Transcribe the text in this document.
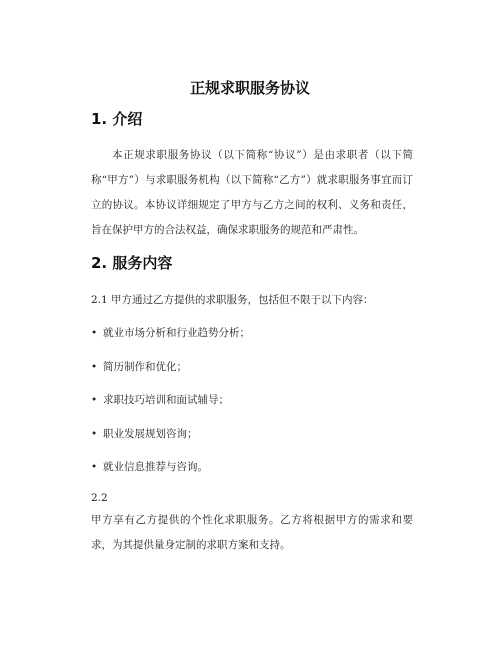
正规求职服务协议
1. 介绍
本正规求职服务协议（以下简称“协议”）是由求职者（以下简称“甲方”）与求职服务机构（以下简称“乙方”）就求职服务事宜而订立的协议。本协议详细规定了甲方与乙方之间的权利、义务和责任，旨在保护甲方的合法权益，确保求职服务的规范和严肃性。
2. 服务内容
2.1 甲方通过乙方提供的求职服务，包括但不限于以下内容：
• 就业市场分析和行业趋势分析；
• 简历制作和优化；
• 求职技巧培训和面试辅导；
• 职业发展规划咨询；
• 就业信息推荐与咨询。
2.2
甲方享有乙方提供的个性化求职服务。乙方将根据甲方的需求和要求，为其提供量身定制的求职方案和支持。
